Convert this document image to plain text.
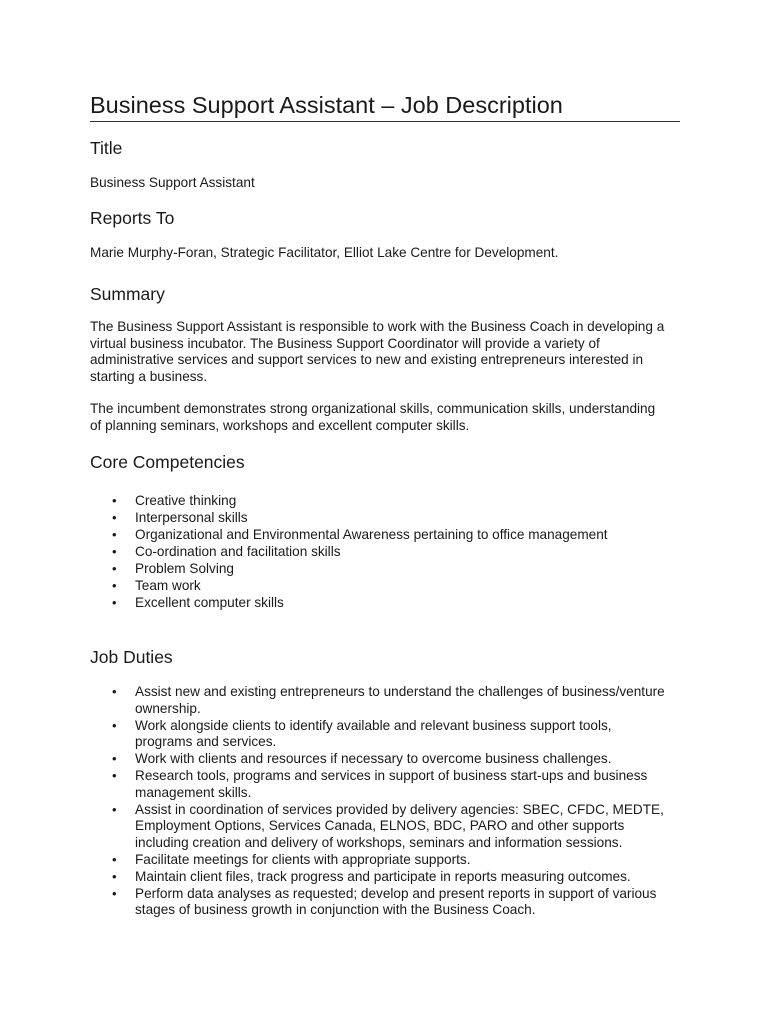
Business Support Assistant – Job Description
Title

Business Support Assistant

Reports To

Marie Murphy-Foran, Strategic Facilitator, Elliot Lake Centre for Development.

Summary

The Business Support Assistant is responsible to work with the Business Coach in developing a
virtual business incubator. The Business Support Coordinator will provide a variety of
administrative services and support services to new and existing entrepreneurs interested in
starting a business.

The incumbent demonstrates strong organizational skills, communication skills, understanding
of planning seminars, workshops and excellent computer skills.

Core Competencies
• Creative thinking
• Interpersonal skills
• Organizational and Environmental Awareness pertaining to office management
• Co-ordination and facilitation skills
• Problem Solving
• Team work
• Excellent computer skills
Job Duties
• Assist new and existing entrepreneurs to understand the challenges of business/venture
ownership.
• Work alongside clients to identify available and relevant business support tools,
programs and services.
• Work with clients and resources if necessary to overcome business challenges.
• Research tools, programs and services in support of business start-ups and business
management skills.
• Assist in coordination of services provided by delivery agencies: SBEC, CFDC, MEDTE,
Employment Options, Services Canada, ELNOS, BDC, PARO and other supports
including creation and delivery of workshops, seminars and information sessions.
• Facilitate meetings for clients with appropriate supports.
• Maintain client files, track progress and participate in reports measuring outcomes.
• Perform data analyses as requested; develop and present reports in support of various
stages of business growth in conjunction with the Business Coach.
